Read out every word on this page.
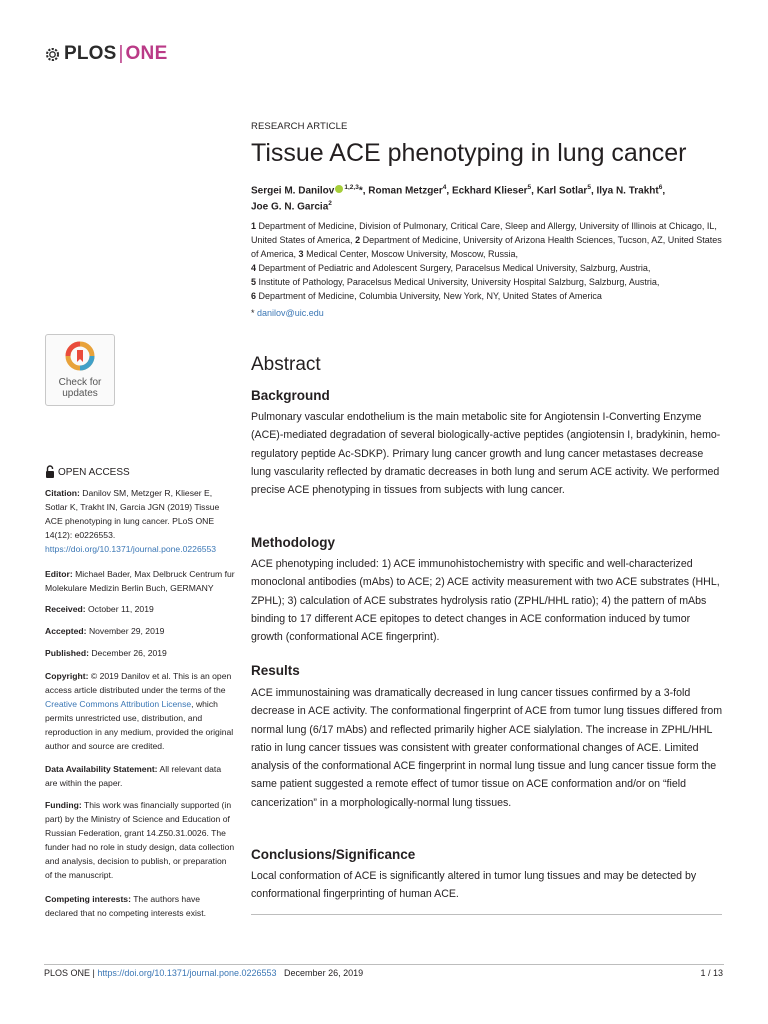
PLOS | ONE
Check for
updates
OPEN ACCESS
Citation: Danilov SM, Metzger R, Klieser E, Sotlar K, Trakht IN, Garcia JGN (2019) Tissue ACE phenotyping in lung cancer. PLoS ONE 14(12): e0226553. https://doi.org/10.1371/journal.pone.0226553
Editor: Michael Bader, Max Delbruck Centrum fur Molekulare Medizin Berlin Buch, GERMANY
Received: October 11, 2019
Accepted: November 29, 2019
Published: December 26, 2019
Copyright: © 2019 Danilov et al. This is an open access article distributed under the terms of the Creative Commons Attribution License, which permits unrestricted use, distribution, and reproduction in any medium, provided the original author and source are credited.
Data Availability Statement: All relevant data are within the paper.
Funding: This work was financially supported (in part) by the Ministry of Science and Education of Russian Federation, grant 14.Z50.31.0026. The funder had no role in study design, data collection and analysis, decision to publish, or preparation of the manuscript.
Competing interests: The authors have declared that no competing interests exist.
RESEARCH ARTICLE
Tissue ACE phenotyping in lung cancer
Sergei M. Danilov $^{1,2,3}$*, Roman Metzger$^4$, Eckhard Klieser$^5$, Karl Sotlar$^5$, Ilya N. Trakht$^6$,
Joe G. N. Garcia$^2$
1 Department of Medicine, Division of Pulmonary, Critical Care, Sleep and Allergy, University of Illinois at Chicago, IL, United States of America, 2 Department of Medicine, University of Arizona Health Sciences, Tucson, AZ, United States of America, 3 Medical Center, Moscow University, Moscow, Russia,
4 Department of Pediatric and Adolescent Surgery, Paracelsus Medical University, Salzburg, Austria,
5 Institute of Pathology, Paracelsus Medical University, University Hospital Salzburg, Salzburg, Austria,
6 Department of Medicine, Columbia University, New York, NY, United States of America
* danilov@uic.edu
Abstract
Background

Pulmonary vascular endothelium is the main metabolic site for Angiotensin I-Converting Enzyme (ACE)-mediated degradation of several biologically-active peptides (angiotensin I, bradykinin, hemo-regulatory peptide Ac-SDKP). Primary lung cancer growth and lung cancer metastases decrease lung vascularity reflected by dramatic decreases in both lung and serum ACE activity. We performed precise ACE phenotyping in tissues from subjects with lung cancer.

Methodology

ACE phenotyping included: 1) ACE immunohistochemistry with specific and well-characterized monoclonal antibodies (mAbs) to ACE; 2) ACE activity measurement with two ACE substrates (HHL, ZPHL); 3) calculation of ACE substrates hydrolysis ratio (ZPHL/HHL ratio); 4) the pattern of mAbs binding to 17 different ACE epitopes to detect changes in ACE conformation induced by tumor growth (conformational ACE fingerprint).

Results

ACE immunostaining was dramatically decreased in lung cancer tissues confirmed by a 3-fold decrease in ACE activity. The conformational fingerprint of ACE from tumor lung tissues differed from normal lung (6/17 mAbs) and reflected primarily higher ACE sialylation. The increase in ZPHL/HHL ratio in lung cancer tissues was consistent with greater conformational changes of ACE. Limited analysis of the conformational ACE fingerprint in normal lung tissue and lung cancer tissue form the same patient suggested a remote effect of tumor tissue on ACE conformation and/or on “field cancerization” in a morphologically-normal lung tissues.

Conclusions/Significance

Local conformation of ACE is significantly altered in tumor lung tissues and may be detected by conformational fingerprinting of human ACE.

PLOS ONE | https://doi.org/10.1371/journal.pone.0226553 December 26, 2019	1 / 13
